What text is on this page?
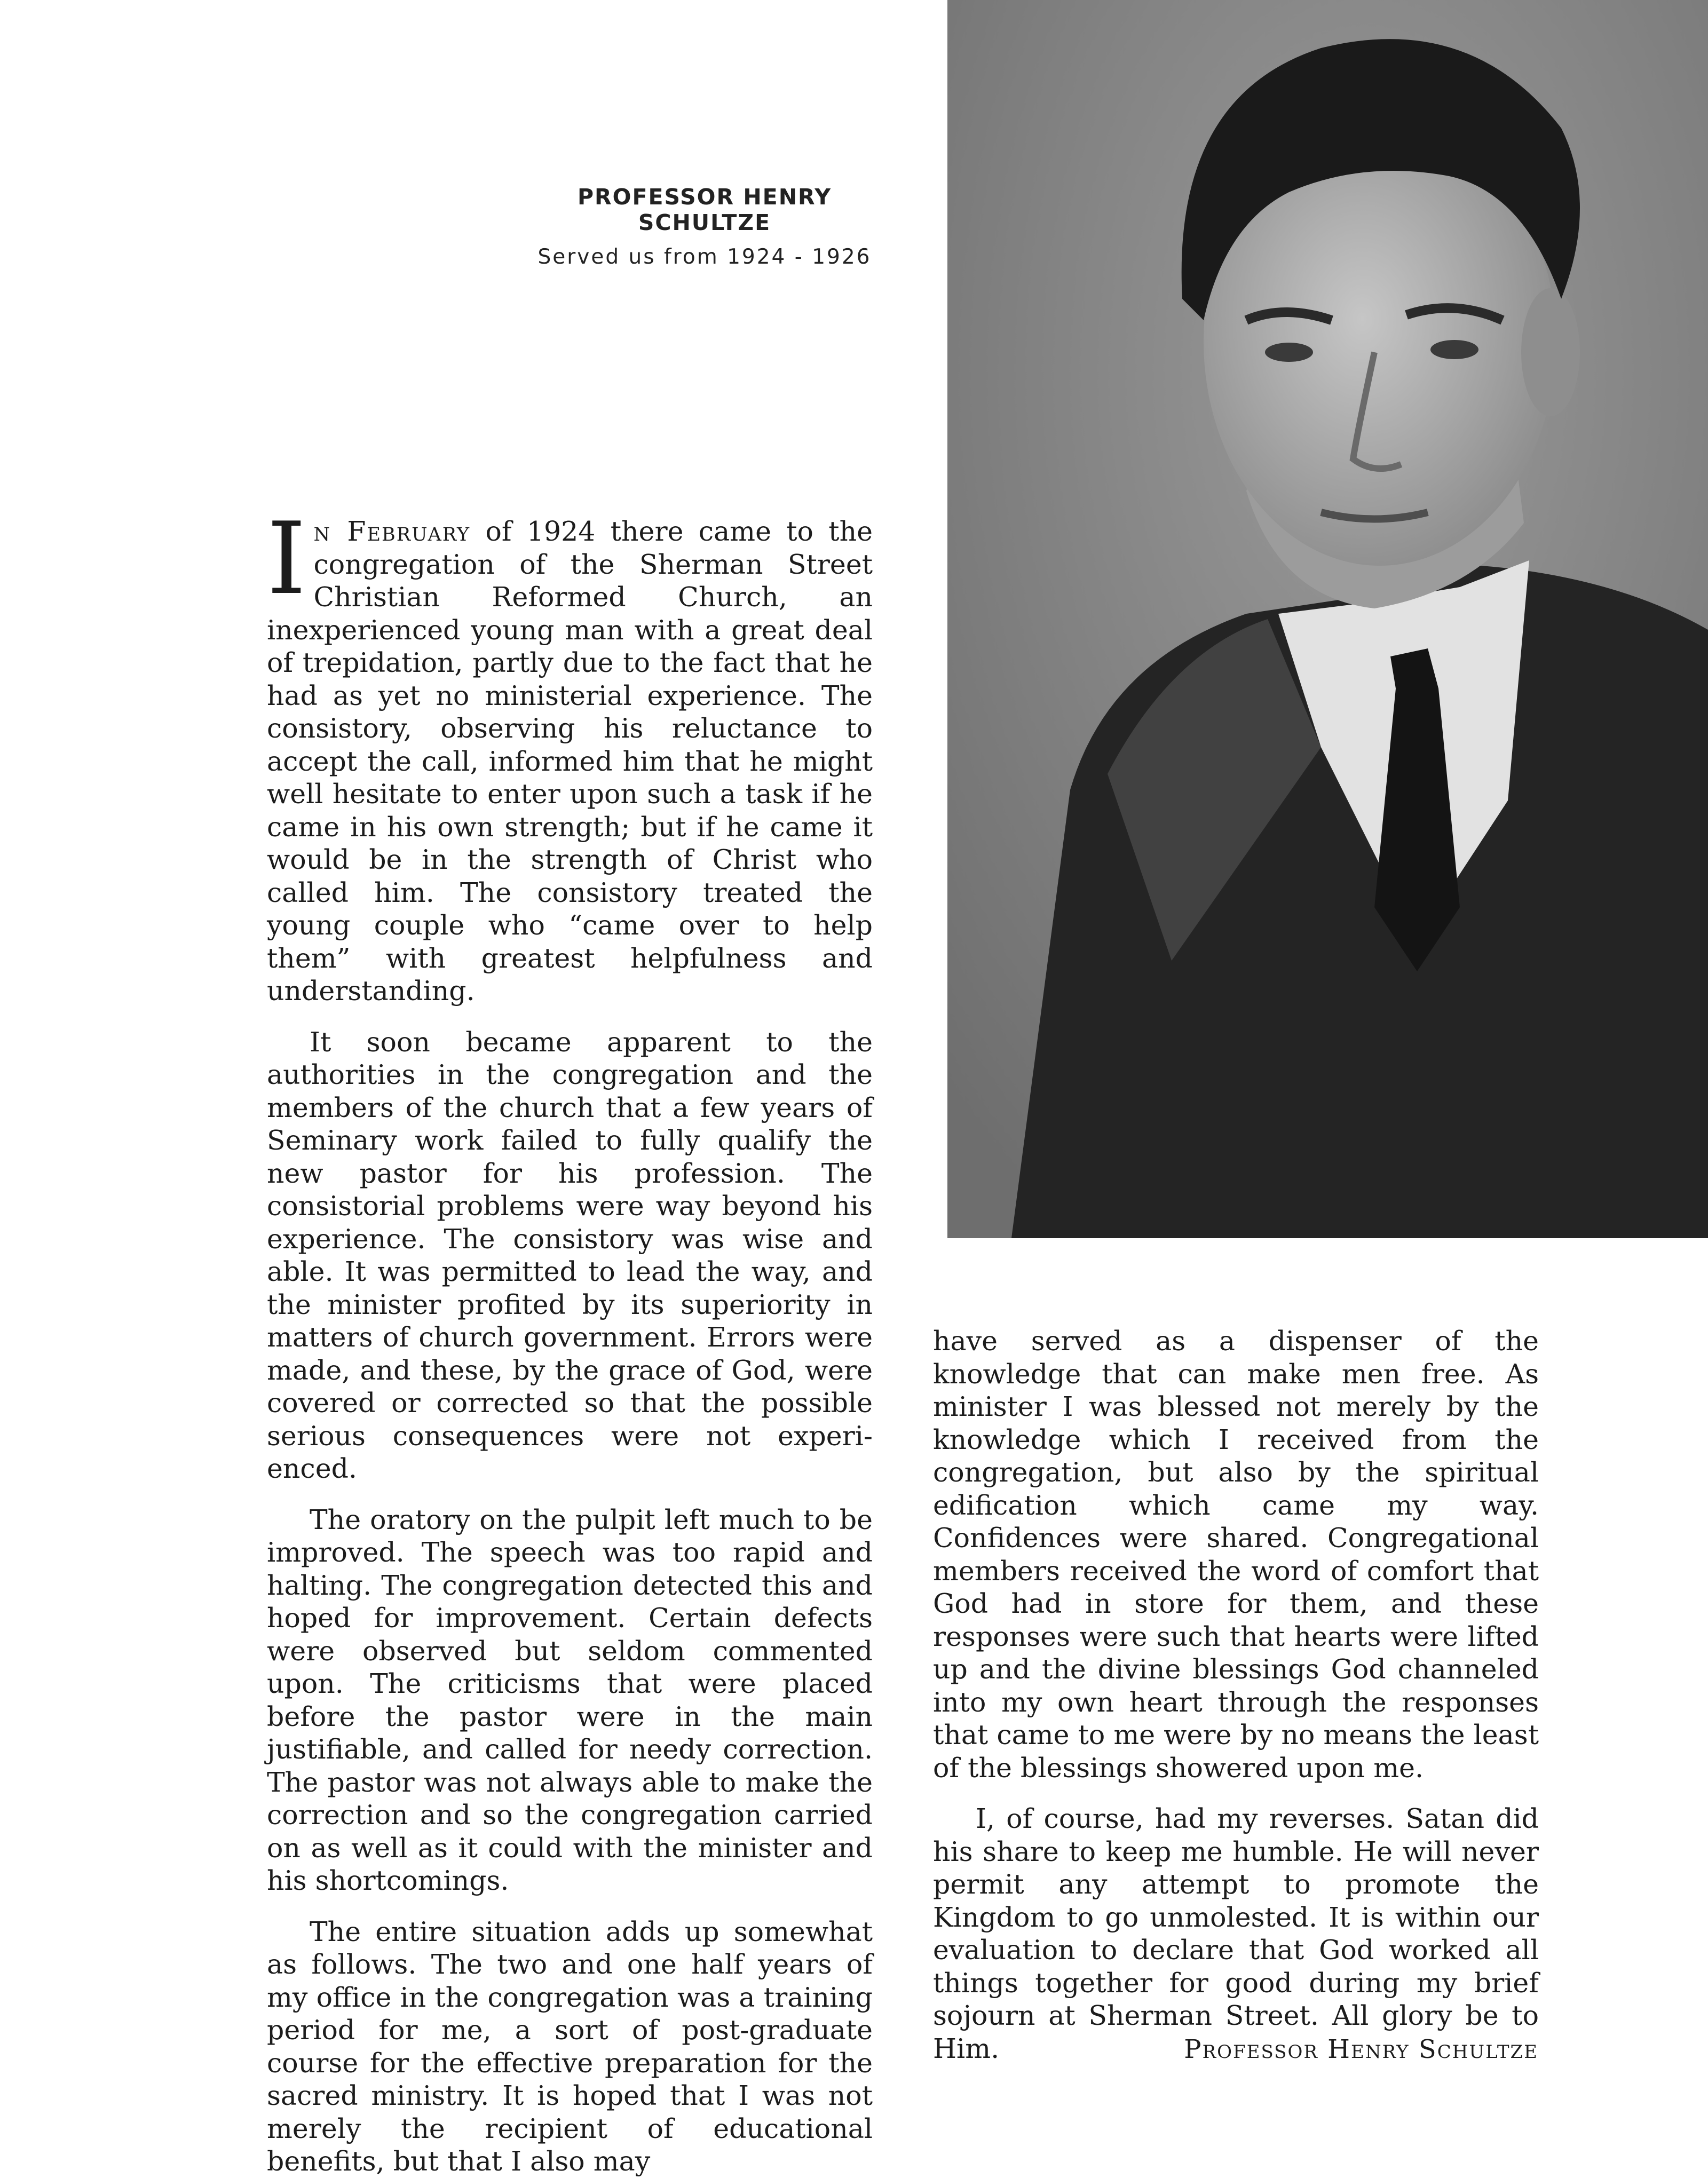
PROFESSOR HENRY SCHULTZE
Served us from 1924 - 1926

In February of 1924 there came to the congregation of the Sherman Street Christian Reformed Church, an inexperienced young man with a great deal of trepidation, partly due to the fact that he had as yet no ministerial experience. The consistory, observing his reluctance to accept the call, informed him that he might well hesitate to enter upon such a task if he came in his own strength; but if he came it would be in the strength of Christ who called him. The consistory treated the young couple who “came over to help them” with greatest helpfulness and understanding.

It soon became apparent to the authorities in the congregation and the members of the church that a few years of Seminary work failed to fully qualify the new pastor for his profession. The consistorial problems were way beyond his experience. The consistory was wise and able. It was permitted to lead the way, and the minister profited by its superiority in matters of church government. Errors were made, and these, by the grace of God, were covered or corrected so that the possible serious consequences were not experienced.

The oratory on the pulpit left much to be improved. The speech was too rapid and halting. The congregation detected this and hoped for improvement. Certain defects were observed but seldom commented upon. The criticisms that were placed before the pastor were in the main justifiable, and called for needy correction. The pastor was not always able to make the correction and so the congregation carried on as well as it could with the minister and his shortcomings.

The entire situation adds up somewhat as follows. The two and one half years of my office in the congregation was a training period for me, a sort of post-graduate course for the effective preparation for the sacred ministry. It is hoped that I was not merely the recipient of educational benefits, but that I also may

have served as a dispenser of the knowledge that can make men free. As minister I was blessed not merely by the knowledge which I received from the congregation, but also by the spiritual edification which came my way. Confidences were shared. Congregational members received the word of comfort that God had in store for them, and these responses were such that hearts were lifted up and the divine blessings God channeled into my own heart through the responses that came to me were by no means the least of the blessings showered upon me.

I, of course, had my reverses. Satan did his share to keep me humble. He will never permit any attempt to promote the Kingdom to go unmolested. It is within our evaluation to declare that God worked all things together for good during my brief sojourn at Sherman Street. All glory be to Him.	Professor Henry Schultze
